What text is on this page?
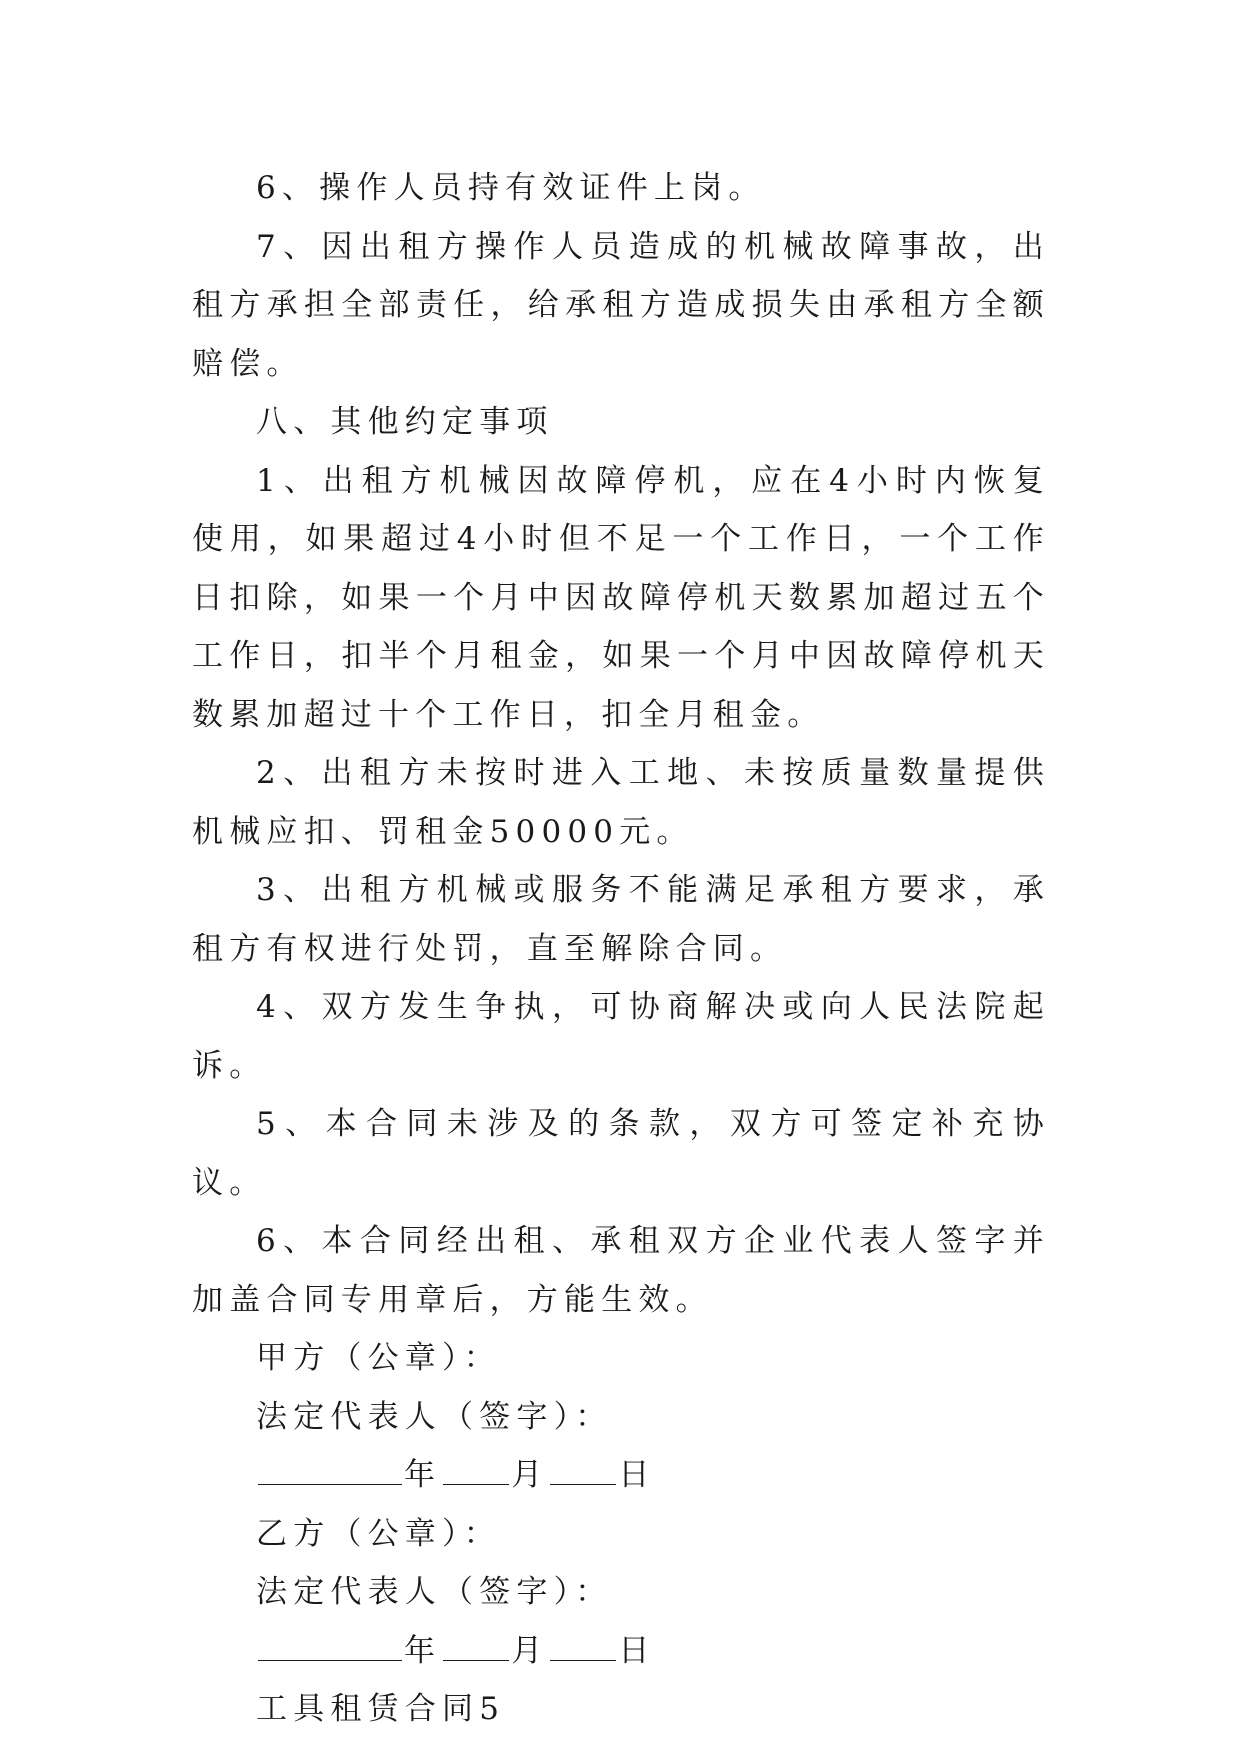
6、操作人员持有效证件上岗。

7、因出租方操作人员造成的机械故障事故，出租方承担全部责任，给承租方造成损失由承租方全额赔偿。

八、其他约定事项

1、出租方机械因故障停机，应在4小时内恢复使用，如果超过4小时但不足一个工作日，一个工作日扣除，如果一个月中因故障停机天数累加超过五个工作日，扣半个月租金，如果一个月中因故障停机天数累加超过十个工作日，扣全月租金。

2、出租方未按时进入工地、未按质量数量提供机械应扣、罚租金50000元。

3、出租方机械或服务不能满足承租方要求，承租方有权进行处罚，直至解除合同。

4、双方发生争执，可协商解决或向人民法院起诉。

5、本合同未涉及的条款，双方可签定补充协议。

6、本合同经出租、承租双方企业代表人签字并加盖合同专用章后，方能生效。

甲方（公章）：

法定代表人（签字）：

年 月 日

乙方（公章）：

法定代表人（签字）：

年 月 日

工具租赁合同5
